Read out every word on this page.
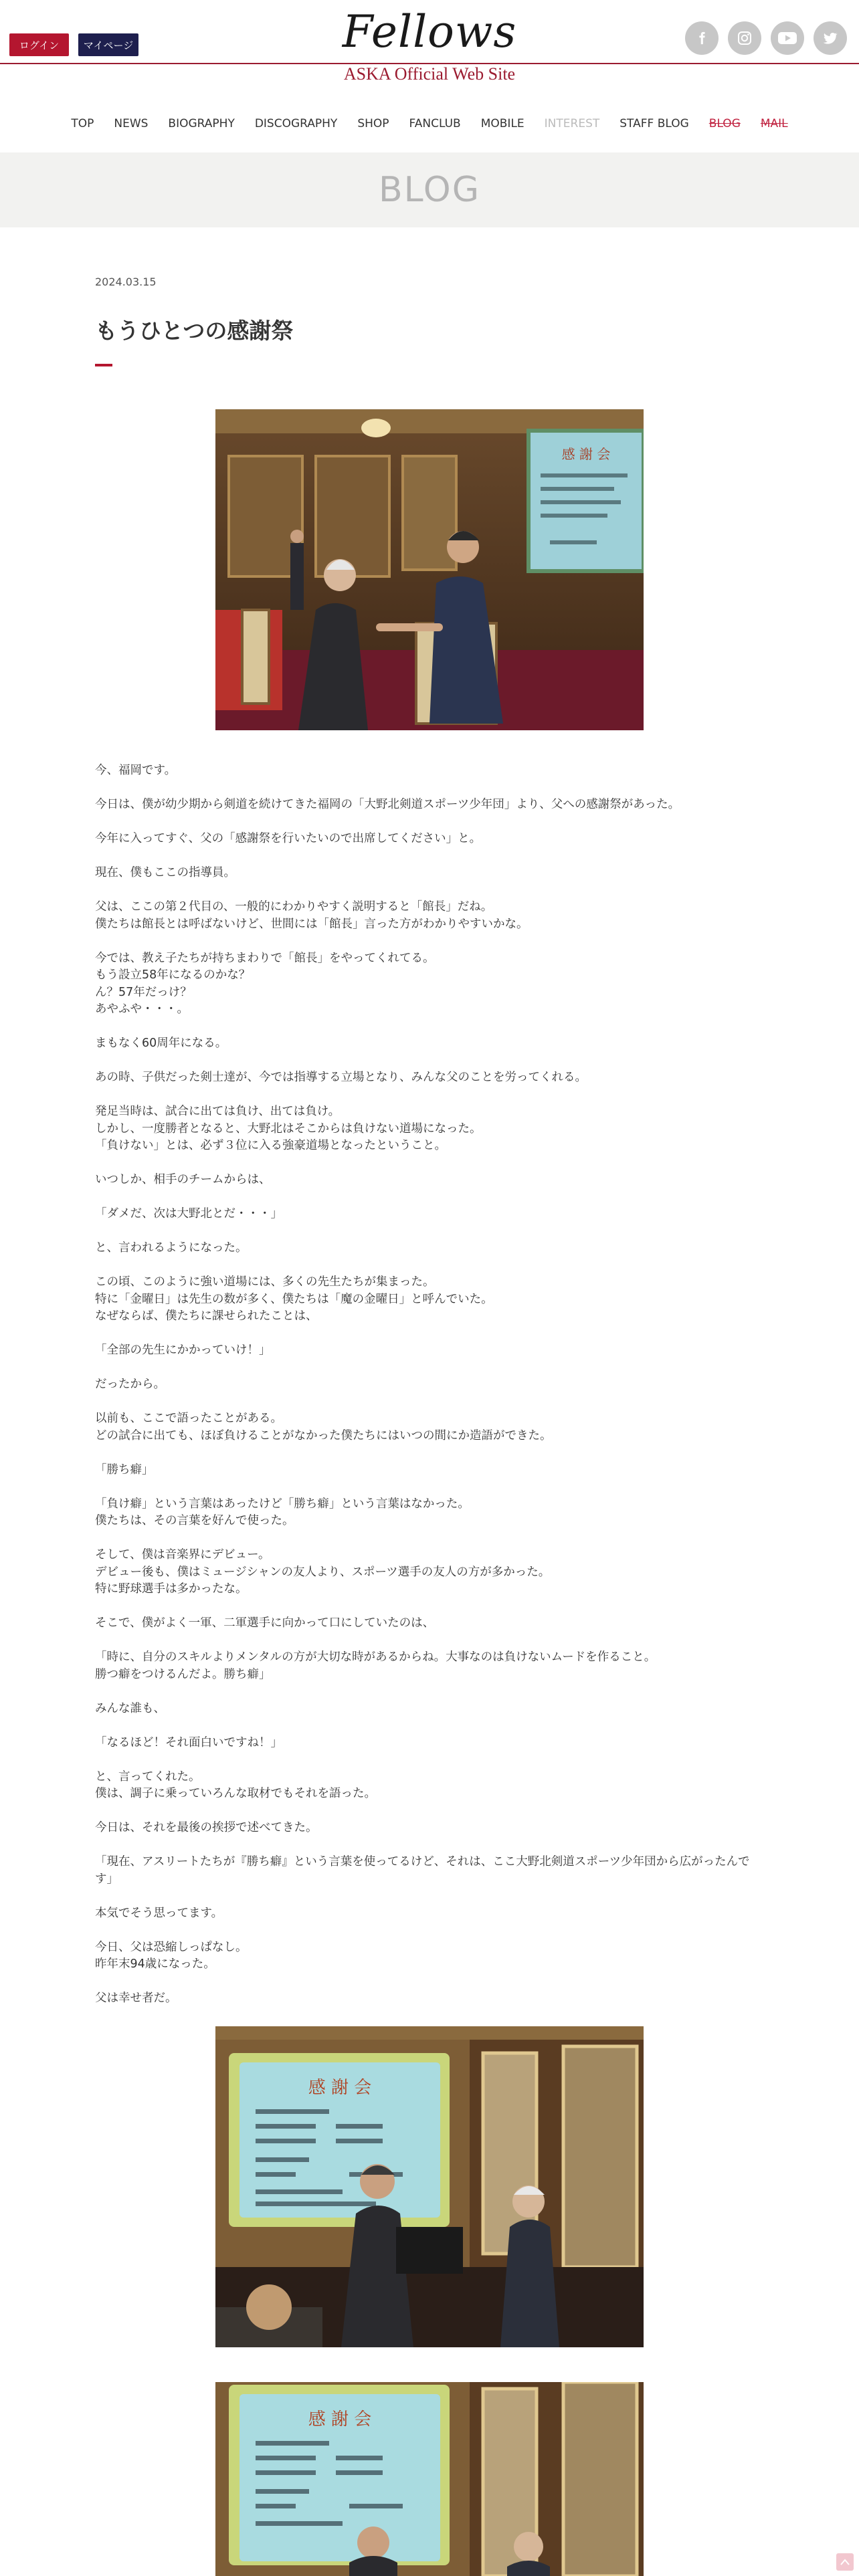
ログイン	マイページ	Fellows
ASKA Official Web Site
TOP	NEWS	BIOGRAPHY	DISCOGRAPHY	SHOP	FANCLUB	MOBILE	INTEREST	STAFF BLOG	BLOG	MAIL
BLOG
2024.03.15
もうひとつの感謝祭
感 謝 会
今、福岡です。
今日は、僕が幼少期から剣道を続けてきた福岡の「大野北剣道スポーツ少年団」より、父への感謝祭があった。
今年に入ってすぐ、父の「感謝祭を行いたいので出席してください」と。
現在、僕もここの指導員。
父は、ここの第２代目の、一般的にわかりやすく説明すると「館長」だね。
僕たちは館長とは呼ばないけど、世間には「館長」言った方がわかりやすいかな。
今では、教え子たちが持ちまわりで「館長」をやってくれてる。
もう設立58年になるのかな？
ん？57年だっけ？
あやふや・・・。
まもなく60周年になる。
あの時、子供だった剣士達が、今では指導する立場となり、みんな父のことを労ってくれる。
発足当時は、試合に出ては負け、出ては負け。
しかし、一度勝者となると、大野北はそこからは負けない道場になった。
「負けない」とは、必ず３位に入る強豪道場となったということ。
いつしか、相手のチームからは、
「ダメだ、次は大野北とだ・・・」
と、言われるようになった。
この頃、このように強い道場には、多くの先生たちが集まった。
特に「金曜日」は先生の数が多く、僕たちは「魔の金曜日」と呼んでいた。
なぜならば、僕たちに課せられたことは、
「全部の先生にかかっていけ！」
だったから。
以前も、ここで語ったことがある。
どの試合に出ても、ほぼ負けることがなかった僕たちにはいつの間にか造語ができた。
「勝ち癖」
「負け癖」という言葉はあったけど「勝ち癖」という言葉はなかった。
僕たちは、その言葉を好んで使った。
そして、僕は音楽界にデビュー。
デビュー後も、僕はミュージシャンの友人より、スポーツ選手の友人の方が多かった。
特に野球選手は多かったな。
そこで、僕がよく一軍、二軍選手に向かって口にしていたのは、
「時に、自分のスキルよりメンタルの方が大切な時があるからね。大事なのは負けないムードを作ること。
勝つ癖をつけるんだよ。勝ち癖」
みんな誰も、
「なるほど！それ面白いですね！」
と、言ってくれた。
僕は、調子に乗っていろんな取材でもそれを語った。
今日は、それを最後の挨拶で述べてきた。
「現在、アスリートたちが『勝ち癖』という言葉を使ってるけど、それは、ここ大野北剣道スポーツ少年団から広がったんです」
本気でそう思ってます。
今日、父は恐縮しっぱなし。
昨年末94歳になった。
父は幸せ者だ。
感 謝 会
感 謝 会
